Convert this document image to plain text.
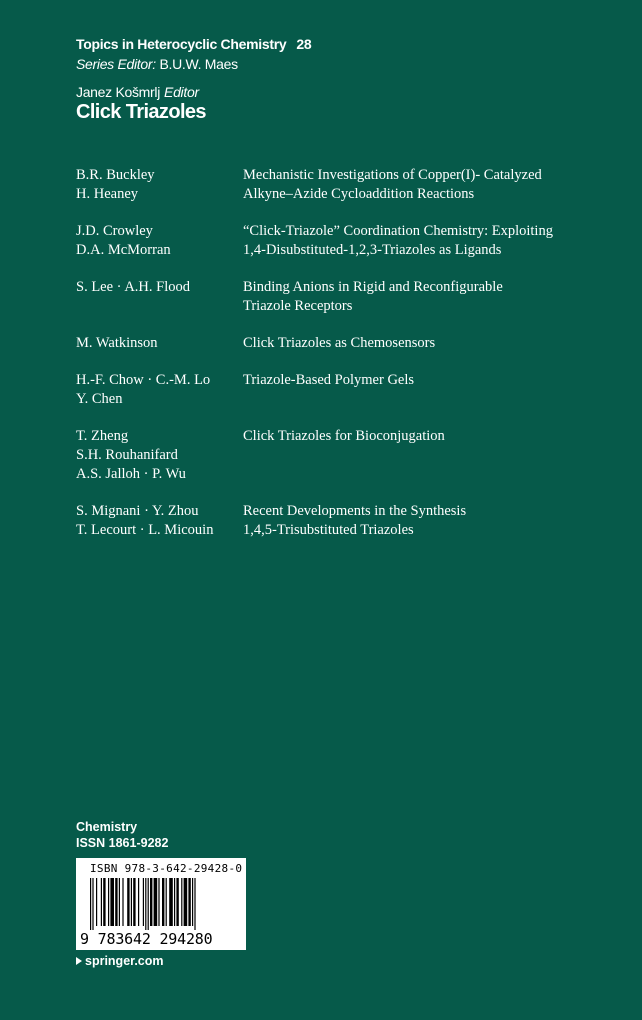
Topics in Heterocyclic Chemistry 28
Series Editor: B.U.W. Maes
Janez Košmrlj Editor
Click Triazoles
B.R. Buckley
H. Heaney
Mechanistic Investigations of Copper(I)- Catalyzed
Alkyne–Azide Cycloaddition Reactions
J.D. Crowley
D.A. McMorran
“Click-Triazole” Coordination Chemistry: Exploiting
1,4-Disubstituted-1,2,3-Triazoles as Ligands
S. Lee · A.H. Flood	Binding Anions in Rigid and Reconfigurable
Triazole Receptors
M. Watkinson	Click Triazoles as Chemosensors
H.-F. Chow · C.-M. Lo
Y. Chen
Triazole-Based Polymer Gels
T. Zheng
S.H. Rouhanifard
A.S. Jalloh · P. Wu
Click Triazoles for Bioconjugation
S. Mignani · Y. Zhou
T. Lecourt · L. Micouin
Recent Developments in the Synthesis
1,4,5-Trisubstituted Triazoles
Chemistry
ISSN 1861-9282
ISBN 978-3-642-29428-0
9 783642 294280
springer.com
